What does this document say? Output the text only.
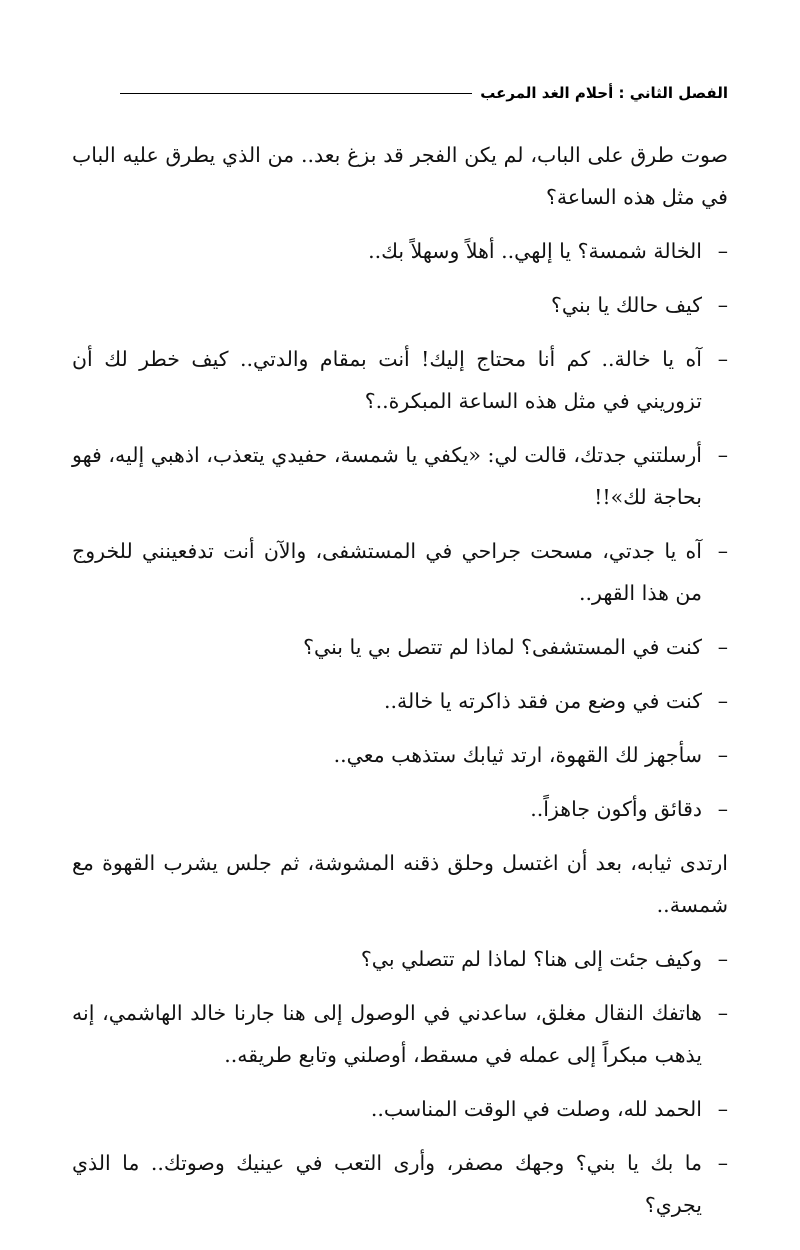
الفصل الثاني : أحلام الغد المرعب

صوت طرق على الباب، لم يكن الفجر قد بزغ بعد.. من الذي يطرق عليه الباب في مثل هذه الساعة؟

–
الخالة شمسة؟ يا إلهي.. أهلاً وسهلاً بك..
–
كيف حالك يا بني؟
–
آه يا خالة.. كم أنا محتاج إليك! أنت بمقام والدتي.. كيف خطر لك أن تزوريني في مثل هذه الساعة المبكرة..؟
–
أرسلتني جدتك، قالت لي: «يكفي يا شمسة، حفيدي يتعذب، اذهبي إليه، فهو بحاجة لك»!!
–
آه يا جدتي، مسحت جراحي في المستشفى، والآن أنت تدفعينني للخروج من هذا القهر..
–
كنت في المستشفى؟ لماذا لم تتصل بي يا بني؟
–
كنت في وضع من فقد ذاكرته يا خالة..
–
سأجهز لك القهوة، ارتد ثيابك ستذهب معي..
–
دقائق وأكون جاهزاً..

ارتدى ثيابه، بعد أن اغتسل وحلق ذقنه المشوشة، ثم جلس يشرب القهوة مع شمسة..

–
وكيف جئت إلى هنا؟ لماذا لم تتصلي بي؟
–
هاتفك النقال مغلق، ساعدني في الوصول إلى هنا جارنا خالد الهاشمي، إنه يذهب مبكراً إلى عمله في مسقط، أوصلني وتابع طريقه..
–
الحمد لله، وصلت في الوقت المناسب..
–
ما بك يا بني؟ وجهك مصفر، وأرى التعب في عينيك وصوتك.. ما الذي يجري؟
